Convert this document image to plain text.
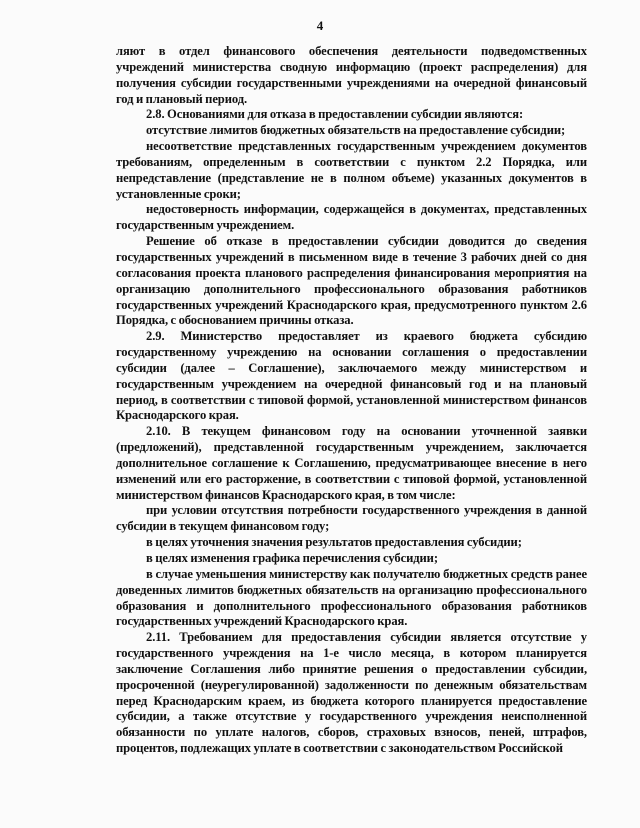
4

ляют в отдел финансового обеспечения деятельности подведомственных учреждений министерства сводную информацию (проект распределения) для получения субсидии государственными учреждениями на очередной финансовый год и плановый период.

2.8. Основаниями для отказа в предоставлении субсидии являются:

отсутствие лимитов бюджетных обязательств на предоставление субсидии;

несоответствие представленных государственным учреждением документов требованиям, определенным в соответствии с пунктом 2.2 Порядка, или непредставление (представление не в полном объеме) указанных документов в установленные сроки;

недостоверность информации, содержащейся в документах, представленных государственным учреждением.

Решение об отказе в предоставлении субсидии доводится до сведения государственных учреждений в письменном виде в течение 3 рабочих дней со дня согласования проекта планового распределения финансирования мероприятия на организацию дополнительного профессионального образования работников государственных учреждений Краснодарского края, предусмотренного пунктом 2.6 Порядка, с обоснованием причины отказа.

2.9. Министерство предоставляет из краевого бюджета субсидию государственному учреждению на основании соглашения о предоставлении субсидии (далее – Соглашение), заключаемого между министерством и государственным учреждением на очередной финансовый год и на плановый период, в соответствии с типовой формой, установленной министерством финансов Краснодарского края.

2.10. В текущем финансовом году на основании уточненной заявки (предложений), представленной государственным учреждением, заключается дополнительное соглашение к Соглашению, предусматривающее внесение в него изменений или его расторжение, в соответствии с типовой формой, установленной министерством финансов Краснодарского края, в том числе:

при условии отсутствия потребности государственного учреждения в данной субсидии в текущем финансовом году;

в целях уточнения значения результатов предоставления субсидии;

в целях изменения графика перечисления субсидии;

в случае уменьшения министерству как получателю бюджетных средств ранее доведенных лимитов бюджетных обязательств на организацию профессионального образования и дополнительного профессионального образования работников государственных учреждений Краснодарского края.

2.11. Требованием для предоставления субсидии является отсутствие у государственного учреждения на 1-е число месяца, в котором планируется заключение Соглашения либо принятие решения о предоставлении субсидии, просроченной (неурегулированной) задолженности по денежным обязательствам перед Краснодарским краем, из бюджета которого планируется предоставление субсидии, а также отсутствие у государственного учреждения неисполненной обязанности по уплате налогов, сборов, страховых взносов, пеней, штрафов, процентов, подлежащих уплате в соответствии с законодательством Российской
